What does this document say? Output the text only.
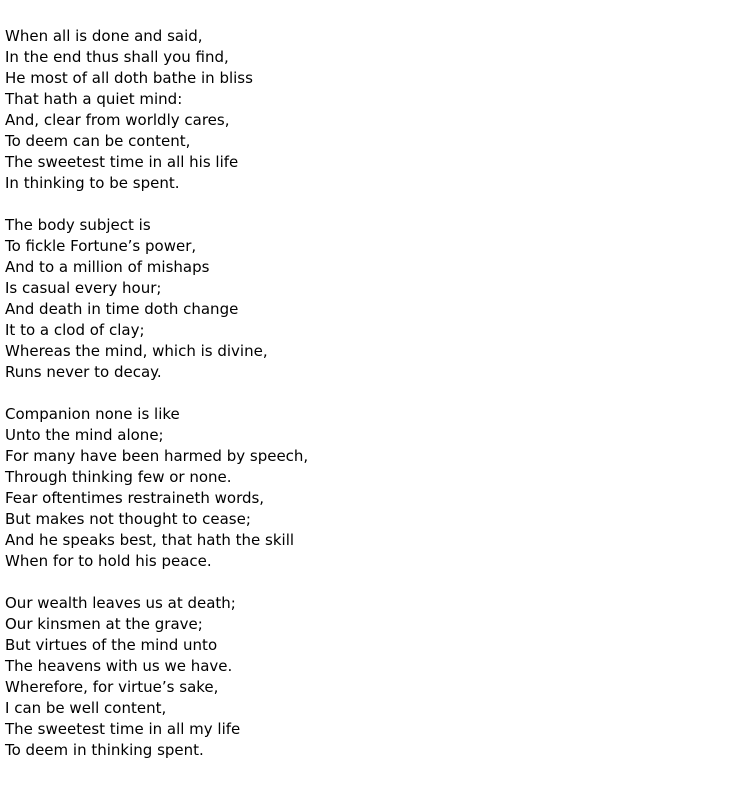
When all is done and said,
In the end thus shall you find,
He most of all doth bathe in bliss
That hath a quiet mind:
And, clear from worldly cares,
To deem can be content,
The sweetest time in all his life
In thinking to be spent.
The body subject is
To fickle Fortune’s power,
And to a million of mishaps
Is casual every hour;
And death in time doth change
It to a clod of clay;
Whereas the mind, which is divine,
Runs never to decay.
Companion none is like
Unto the mind alone;
For many have been harmed by speech,
Through thinking few or none.
Fear oftentimes restraineth words,
But makes not thought to cease;
And he speaks best, that hath the skill
When for to hold his peace.
Our wealth leaves us at death;
Our kinsmen at the grave;
But virtues of the mind unto
The heavens with us we have.
Wherefore, for virtue’s sake,
I can be well content,
The sweetest time in all my life
To deem in thinking spent.
